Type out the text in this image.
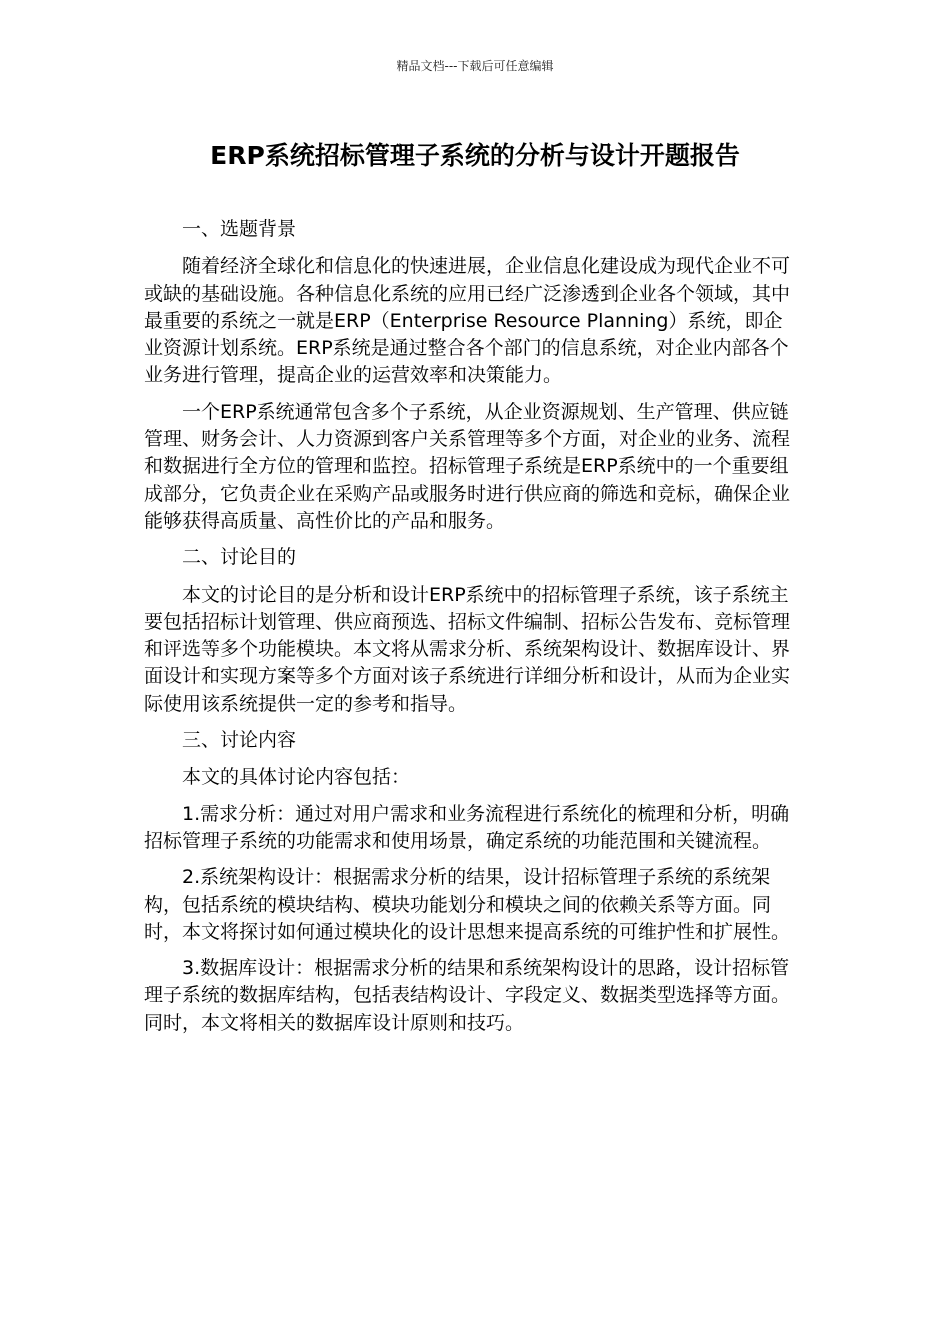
精品文档---下载后可任意编辑
ERP系统招标管理子系统的分析与设计开题报告

一、选题背景

随着经济全球化和信息化的快速进展，企业信息化建设成为现代企业不可或缺的基础设施。各种信息化系统的应用已经广泛渗透到企业各个领域，其中最重要的系统之一就是ERP（Enterprise Resource Planning）系统，即企业资源计划系统。ERP系统是通过整合各个部门的信息系统，对企业内部各个业务进行管理，提高企业的运营效率和决策能力。

一个ERP系统通常包含多个子系统，从企业资源规划、生产管理、供应链管理、财务会计、人力资源到客户关系管理等多个方面，对企业的业务、流程和数据进行全方位的管理和监控。招标管理子系统是ERP系统中的一个重要组成部分，它负责企业在采购产品或服务时进行供应商的筛选和竞标，确保企业能够获得高质量、高性价比的产品和服务。

二、讨论目的

本文的讨论目的是分析和设计ERP系统中的招标管理子系统，该子系统主要包括招标计划管理、供应商预选、招标文件编制、招标公告发布、竞标管理和评选等多个功能模块。本文将从需求分析、系统架构设计、数据库设计、界面设计和实现方案等多个方面对该子系统进行详细分析和设计，从而为企业实际使用该系统提供一定的参考和指导。

三、讨论内容

本文的具体讨论内容包括：

1.需求分析：通过对用户需求和业务流程进行系统化的梳理和分析，明确招标管理子系统的功能需求和使用场景，确定系统的功能范围和关键流程。

2.系统架构设计：根据需求分析的结果，设计招标管理子系统的系统架构，包括系统的模块结构、模块功能划分和模块之间的依赖关系等方面。同时，本文将探讨如何通过模块化的设计思想来提高系统的可维护性和扩展性。

3.数据库设计：根据需求分析的结果和系统架构设计的思路，设计招标管理子系统的数据库结构，包括表结构设计、字段定义、数据类型选择等方面。同时，本文将相关的数据库设计原则和技巧。
